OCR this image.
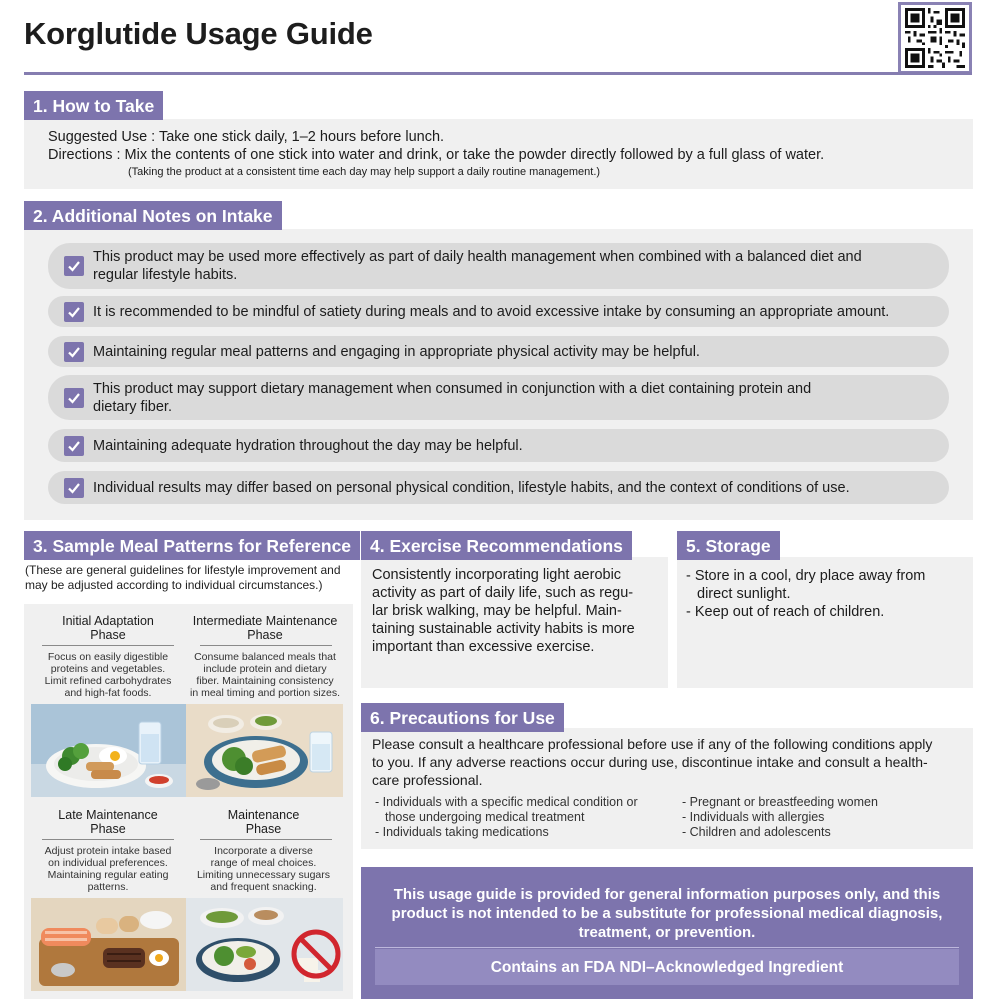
Korglutide Usage Guide
1. How to Take
Suggested Use : Take one stick daily, 1–2 hours before lunch.
Directions : Mix the contents of one stick into water and drink, or take the powder directly followed by a full glass of water.
(Taking the product at a consistent time each day may help support a daily routine management.)
2. Additional Notes on Intake
This product may be used more effectively as part of daily health management when combined with a balanced diet and
regular lifestyle habits.
It is recommended to be mindful of satiety during meals and to avoid excessive intake by consuming an appropriate amount.
Maintaining regular meal patterns and engaging in appropriate physical activity may be helpful.
This product may support dietary management when consumed in conjunction with a diet containing protein and
dietary fiber.
Maintaining adequate hydration throughout the day may be helpful.
Individual results may differ based on personal physical condition, lifestyle habits, and the context of conditions of use.
3. Sample Meal Patterns for Reference
(These are general guidelines for lifestyle improvement and
may be adjusted according to individual circumstances.)
Initial Adaptation
Phase
Focus on easily digestible
proteins and vegetables.
Limit refined carbohydrates
and high-fat foods.
Intermediate Maintenance
Phase
Consume balanced meals that
include protein and dietary
fiber. Maintaining consistency
in meal timing and portion sizes.
Late Maintenance
Phase
Adjust protein intake based
on individual preferences.
Maintaining regular eating
patterns.
Maintenance
Phase
Incorporate a diverse
range of meal choices.
Limiting unnecessary sugars
and frequent snacking.
4. Exercise Recommendations
Consistently incorporating light aerobic
activity as part of daily life, such as regu-
lar brisk walking, may be helpful. Main-
taining sustainable activity habits is more
important than excessive exercise.
5. Storage
- Store in a cool, dry place away from
direct sunlight.
- Keep out of reach of children.
6. Precautions for Use
Please consult a healthcare professional before use if any of the following conditions apply
to you. If any adverse reactions occur during use, discontinue intake and consult a health-
care professional.
- Individuals with a specific medical condition or
those undergoing medical treatment
- Individuals taking medications
- Pregnant or breastfeeding women
- Individuals with allergies
- Children and adolescents
This usage guide is provided for general information purposes only, and this
product is not intended to be a substitute for professional medical diagnosis,
treatment, or prevention.
Contains an FDA NDI–Acknowledged Ingredient
